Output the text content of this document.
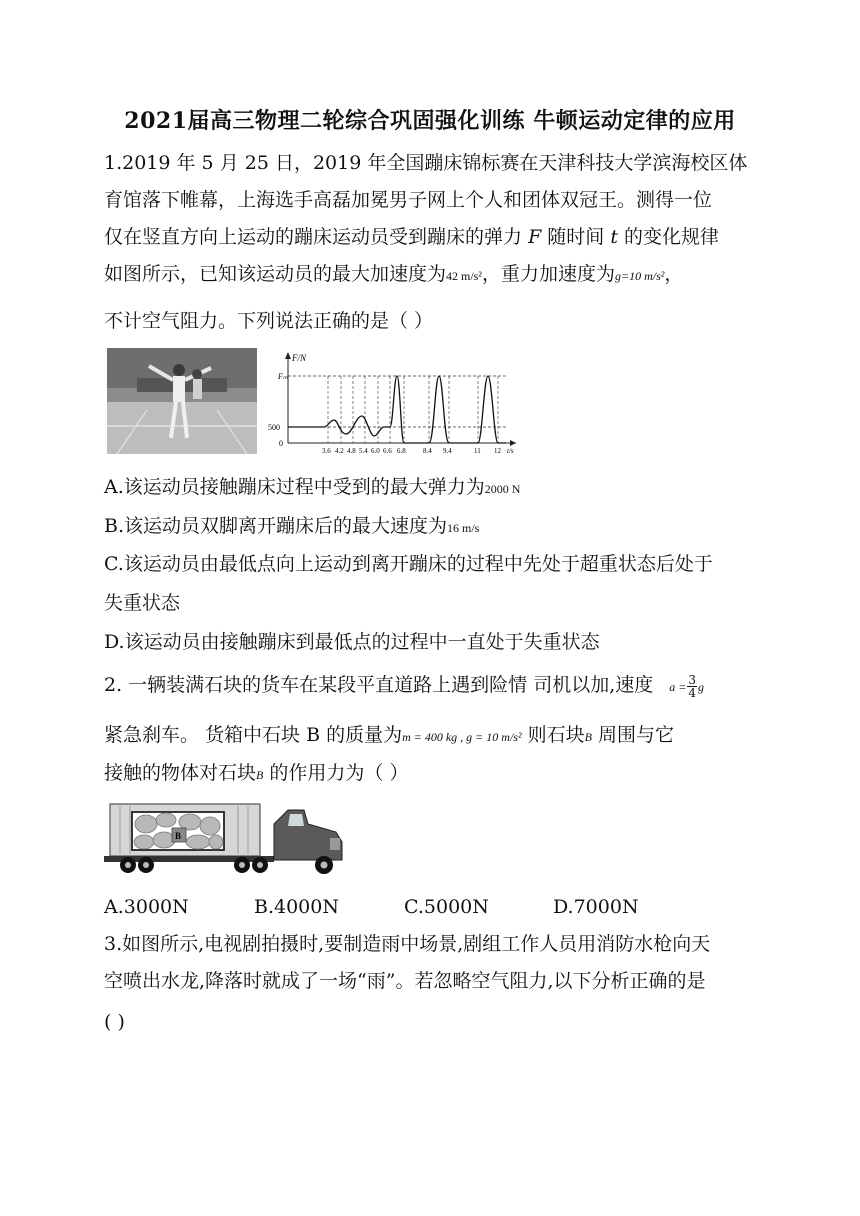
2021届高三物理二轮综合巩固强化训练 牛顿运动定律的应用
1.2019 年 5 月 25 日，2019 年全国蹦床锦标赛在天津科技大学滨海校区体
育馆落下帷幕，上海选手高磊加冕男子网上个人和团体双冠王。测得一位
仅在竖直方向上运动的蹦床运动员受到蹦床的弹力 F 随时间 t 的变化规律
如图所示，已知该运动员的最大加速度为42 m/s²，重力加速度为g=10 m/s²，
不计空气阻力。下列说法正确的是（ ）
F/N
Fₘ
500
0
3.6 4.2 4.8 5.4 6.0 6.6 6.8 8.4 9.4	11 12 t/s
A.该运动员接触蹦床过程中受到的最大弹力为2000 N
B.该运动员双脚离开蹦床后的最大速度为16 m/s
C.该运动员由最低点向上运动到离开蹦床的过程中先处于超重状态后处于
失重状态
D.该运动员由接触蹦床到最低点的过程中一直处于失重状态
2. 一辆装满石块的货车在某段平直道路上遇到险情 司机以加,速度 $a = \frac{3}{4}$ g
紧急刹车。 货箱中石块 B 的质量为m = 400 kg , g = 10 m/s² 则石块B 周围与它
接触的物体对石块B 的作用力为（ ）
B
A.3000N	B.4000N	C.5000N	D.7000N
3.如图所示,电视剧拍摄时,要制造雨中场景,剧组工作人员用消防水枪向天
空喷出水龙,降落时就成了一场“雨”。若忽略空气阻力,以下分析正确的是
( )
